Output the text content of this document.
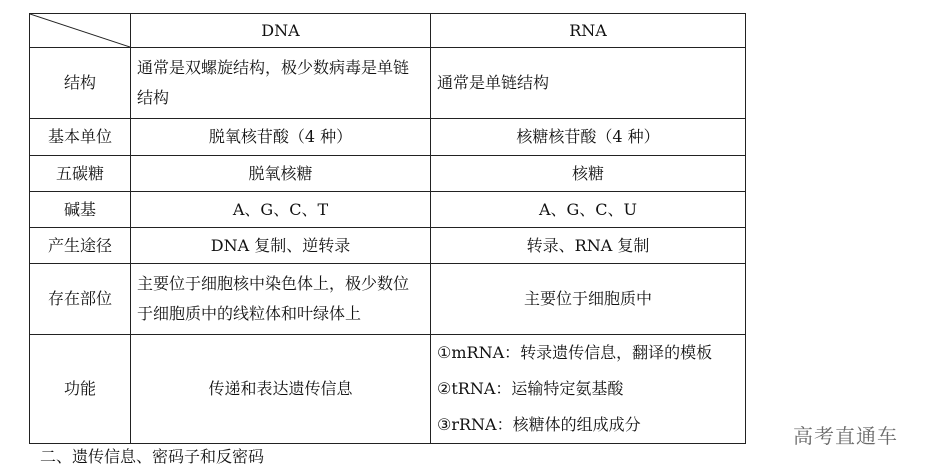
	DNA	RNA
结构	通常是双螺旋结构，极少数病毒是单链结构	通常是单链结构
基本单位	脱氧核苷酸（4 种）	核糖核苷酸（4 种）
五碳糖	脱氧核糖	核糖
碱基	A、G、C、T	A、G、C、U
产生途径	DNA 复制、逆转录	转录、RNA 复制
存在部位	主要位于细胞核中染色体上，极少数位于细胞质中的线粒体和叶绿体上	主要位于细胞质中
功能	传递和表达遗传信息	①mRNA：转录遗传信息，翻译的模板
②tRNA：运输特定氨基酸
③rRNA：核糖体的组成成分
二、遗传信息、密码子和反密码
高考直通车
